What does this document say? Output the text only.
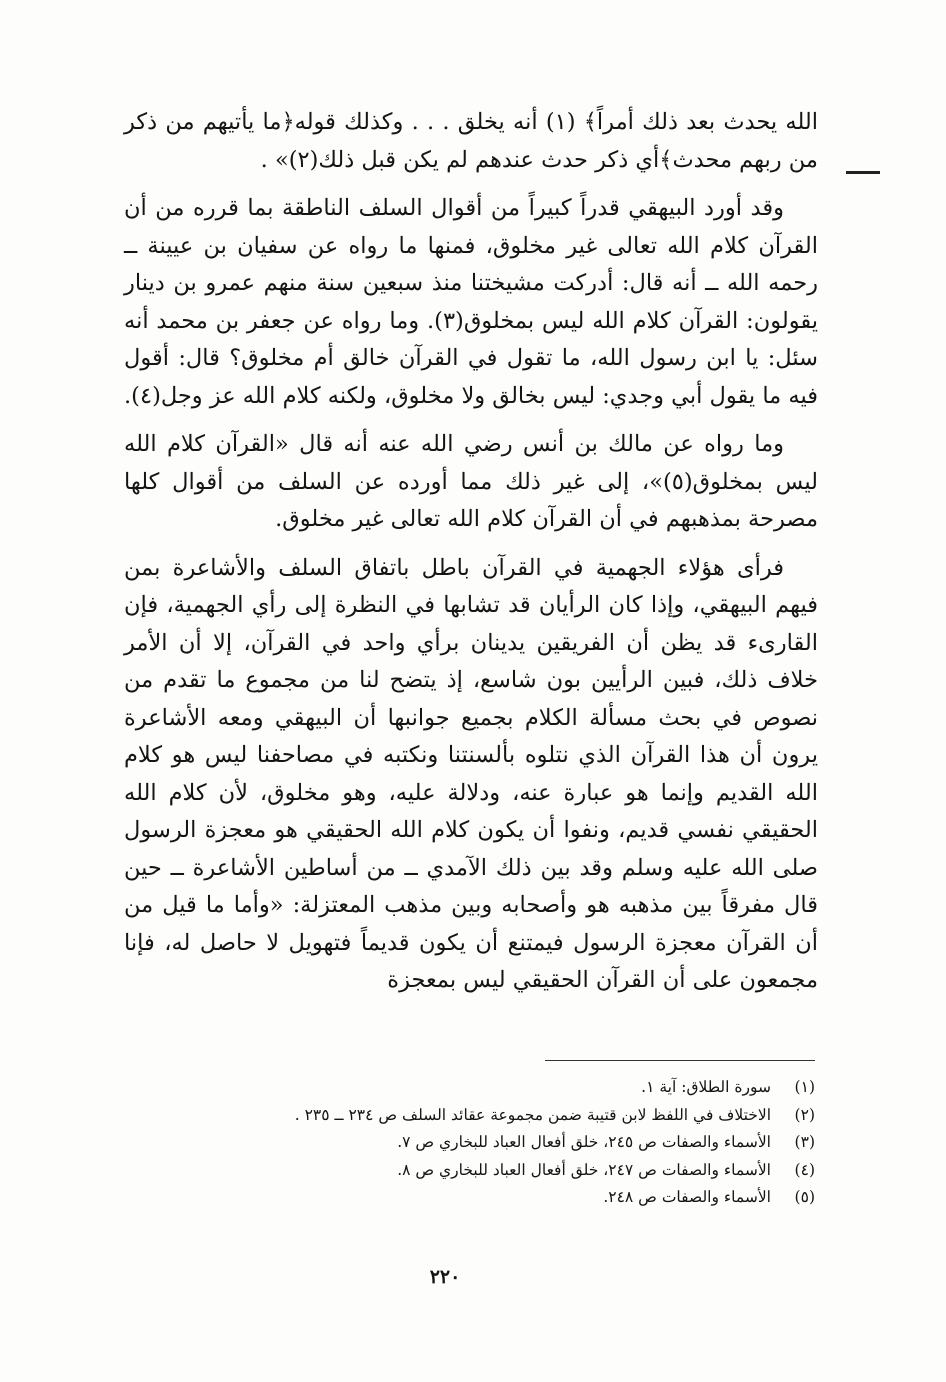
الله يحدث بعد ذلك أمراً﴾ (١) أنه يخلق . . . وكذلك قوله﴿ما يأتيهم من ذكر من ربهم محدث﴾أي ذكر حدث عندهم لم يكن قبل ذلك(٢)» .

وقد أورد البيهقي قدراً كبيراً من أقوال السلف الناطقة بما قرره من أن القرآن كلام الله تعالى غير مخلوق، فمنها ما رواه عن سفيان بن عيينة ــ رحمه الله ــ أنه قال: أدركت مشيختنا منذ سبعين سنة منهم عمرو بن دينار يقولون: القرآن كلام الله ليس بمخلوق(٣). وما رواه عن جعفر بن محمد أنه سئل: يا ابن رسول الله، ما تقول في القرآن خالق أم مخلوق؟ قال: أقول فيه ما يقول أبي وجدي: ليس بخالق ولا مخلوق، ولكنه كلام الله عز وجل(٤).

وما رواه عن مالك بن أنس رضي الله عنه أنه قال «القرآن كلام الله ليس بمخلوق(٥)»، إلى غير ذلك مما أورده عن السلف من أقوال كلها مصرحة بمذهبهم في أن القرآن كلام الله تعالى غير مخلوق.

فرأى هؤلاء الجهمية في القرآن باطل باتفاق السلف والأشاعرة بمن فيهم البيهقي، وإذا كان الرأيان قد تشابها في النظرة إلى رأي الجهمية، فإن القارىء قد يظن أن الفريقين يدينان برأي واحد في القرآن، إلا أن الأمر خلاف ذلك، فبين الرأيين بون شاسع، إذ يتضح لنا من مجموع ما تقدم من نصوص في بحث مسألة الكلام بجميع جوانبها أن البيهقي ومعه الأشاعرة يرون أن هذا القرآن الذي نتلوه بألسنتنا ونكتبه في مصاحفنا ليس هو كلام الله القديم وإنما هو عبارة عنه، ودلالة عليه، وهو مخلوق، لأن كلام الله الحقيقي نفسي قديم، ونفوا أن يكون كلام الله الحقيقي هو معجزة الرسول صلى الله عليه وسلم وقد بين ذلك الآمدي ــ من أساطين الأشاعرة ــ حين قال مفرقاً بين مذهبه هو وأصحابه وبين مذهب المعتزلة: «وأما ما قيل من أن القرآن معجزة الرسول فيمتنع أن يكون قديماً فتهويل لا حاصل له، فإنا مجمعون على أن القرآن الحقيقي ليس بمعجزة

(١)
سورة الطلاق: آية ١.
(٢)
الاختلاف في اللفظ لابن قتيبة ضمن مجموعة عقائد السلف ص ٢٣٤ ــ ٢٣٥ .
(٣)
الأسماء والصفات ص ٢٤٥، خلق أفعال العباد للبخاري ص ٧.
(٤)
الأسماء والصفات ص ٢٤٧، خلق أفعال العباد للبخاري ص ٨.
(٥)
الأسماء والصفات ص ٢٤٨.
٢٢٠
